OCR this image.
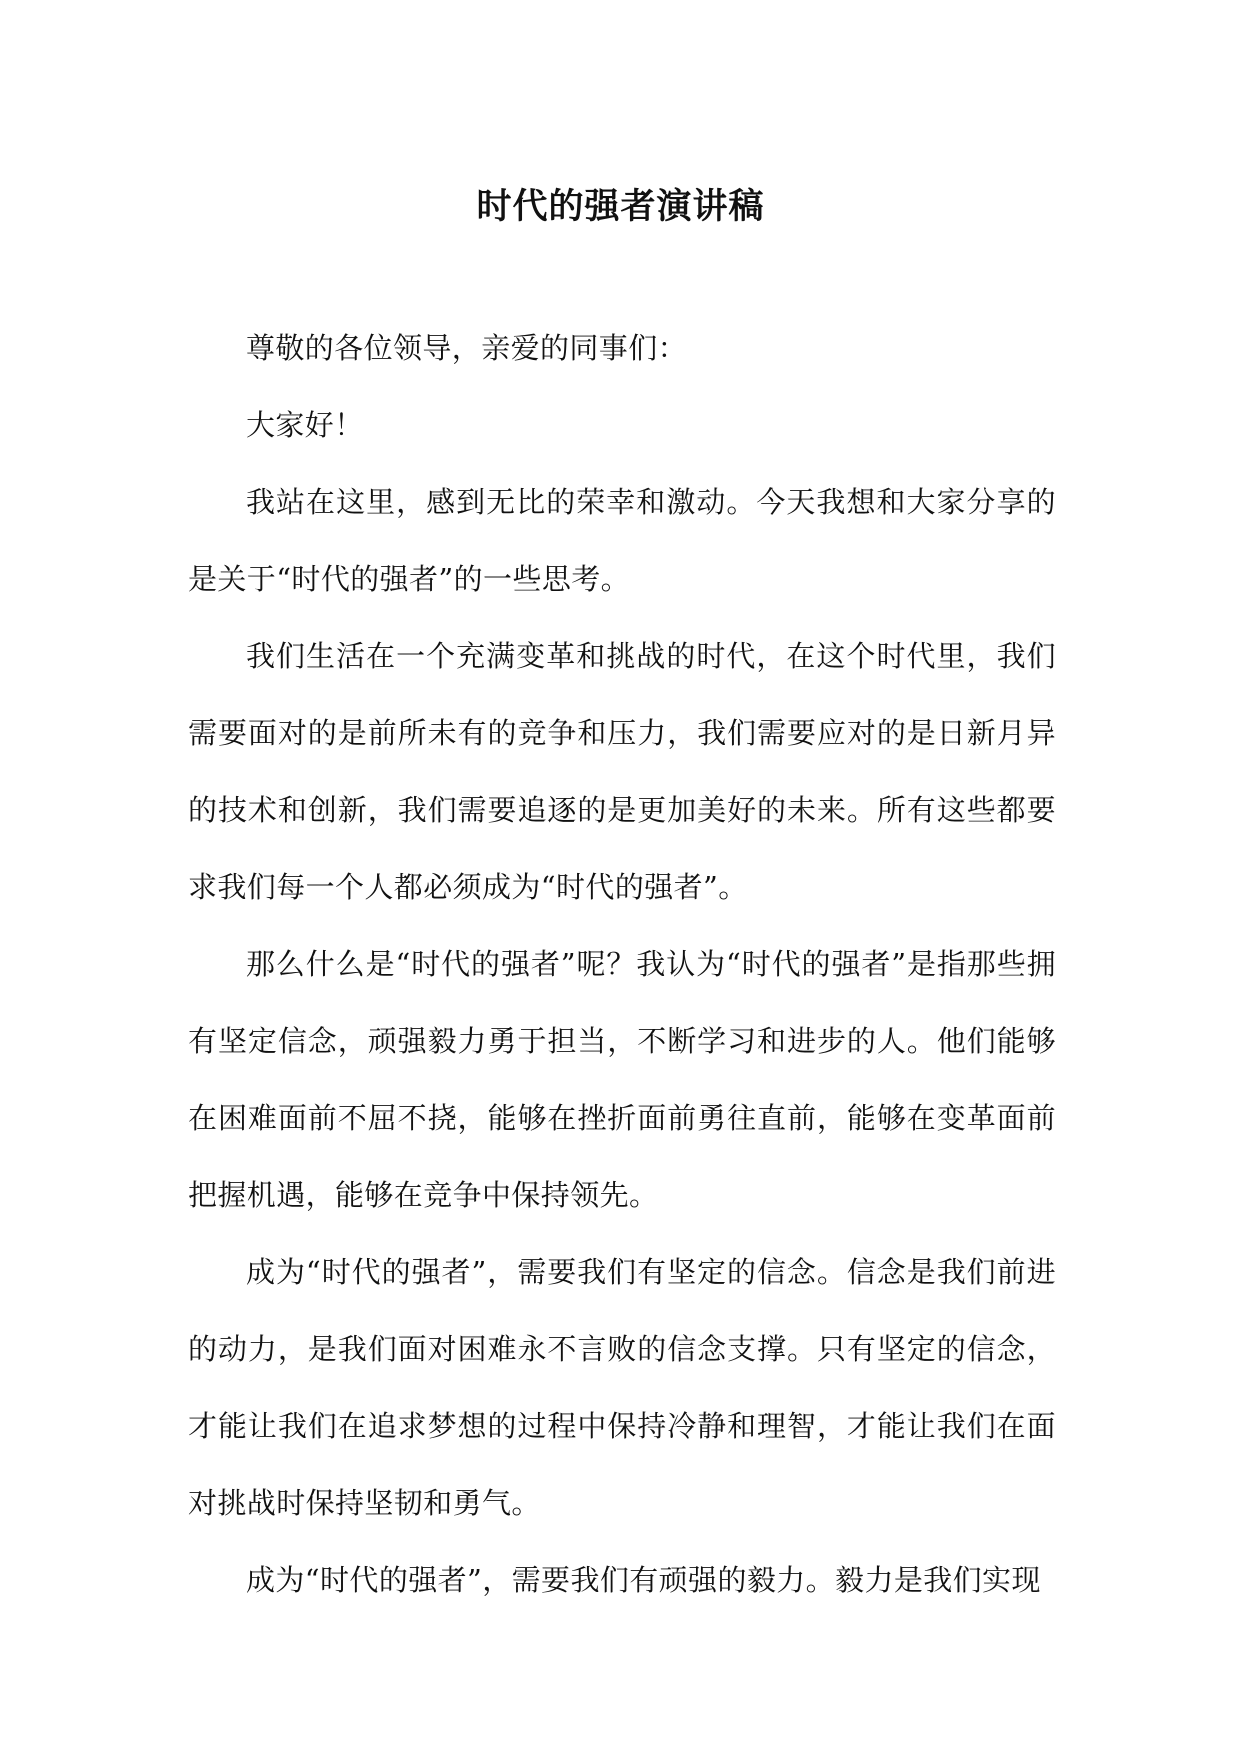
时代的强者演讲稿

尊敬的各位领导，亲爱的同事们：

大家好！

我站在这里，感到无比的荣幸和激动。今天我想和大家分享的是关于“时代的强者”的一些思考。

我们生活在一个充满变革和挑战的时代，在这个时代里，我们需要面对的是前所未有的竞争和压力，我们需要应对的是日新月异的技术和创新，我们需要追逐的是更加美好的未来。所有这些都要求我们每一个人都必须成为“时代的强者”。

那么什么是“时代的强者”呢？我认为“时代的强者”是指那些拥有坚定信念，顽强毅力勇于担当，不断学习和进步的人。他们能够在困难面前不屈不挠，能够在挫折面前勇往直前，能够在变革面前把握机遇，能够在竞争中保持领先。

成为“时代的强者”，需要我们有坚定的信念。信念是我们前进的动力，是我们面对困难永不言败的信念支撑。只有坚定的信念，才能让我们在追求梦想的过程中保持冷静和理智，才能让我们在面对挑战时保持坚韧和勇气。

成为“时代的强者”，需要我们有顽强的毅力。毅力是我们实现
